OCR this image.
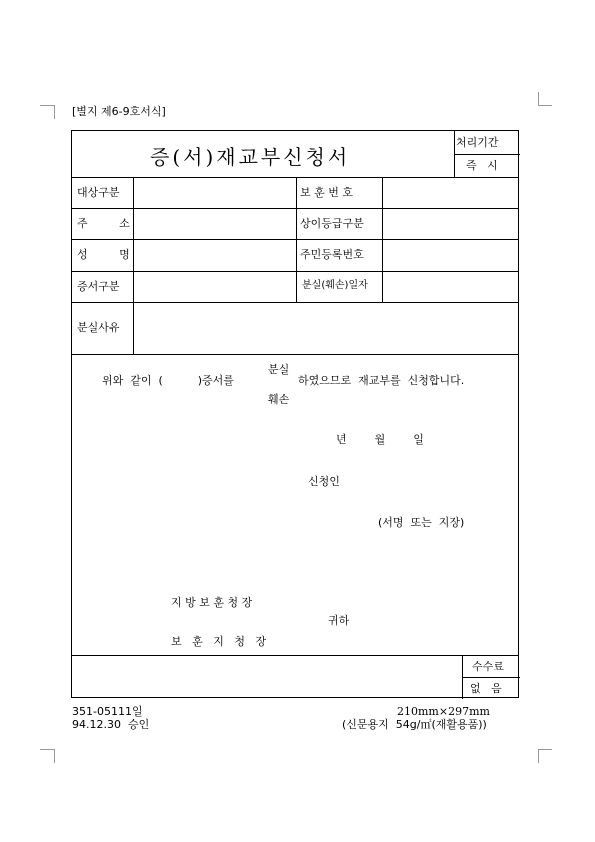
[별지 제6-9호서식]
증(서)재교부신청서
처리기간
즉   시
대상구분	보 훈 번 호
주         소	상이등급구분
성         명	주민등록번호
증서구분	분실(훼손)일자
분실사유
위와  같이  (          )증서를
분실
훼손
하였으므로  재교부를  신청합니다.
년        월        일
신청인
(서명  또는  지장)
지 방 보 훈 청 장
귀하
보   훈   지   청   장
수수료
없   음
351-05111일
94.12.30  승인
210mm×297mm
(신문용지  54g/㎡(재활용품))
